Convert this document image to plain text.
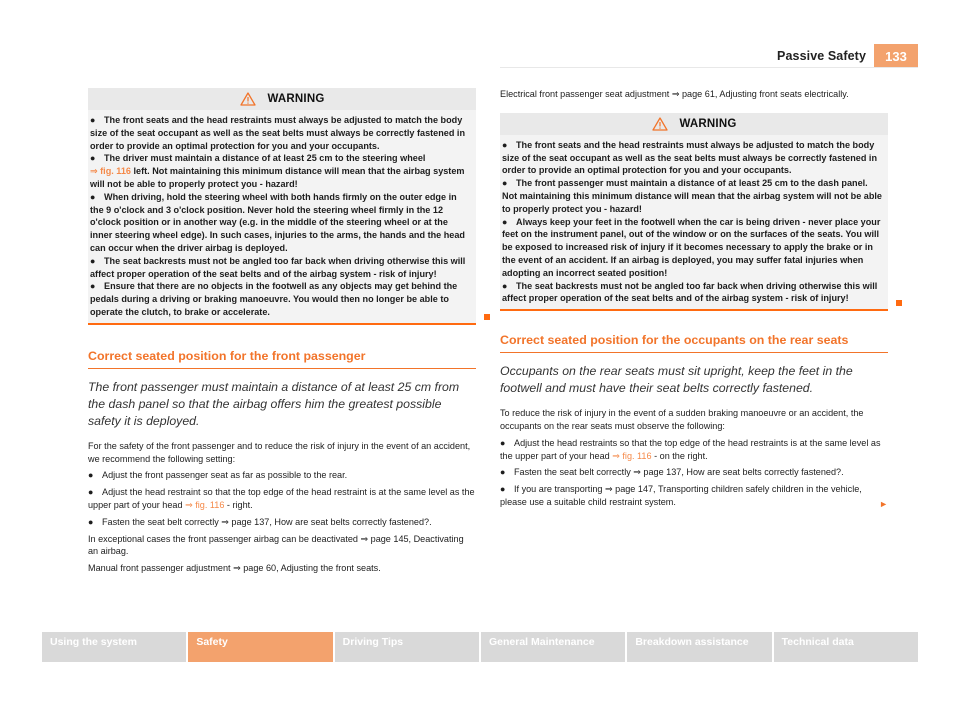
Passive Safety	133
WARNING

● The front seats and the head restraints must always be adjusted to match the body size of the seat occupant as well as the seat belts must always be correctly fastened in order to provide an optimal protection for you and your occupants.

● The driver must maintain a distance of at least 25 cm to the steering wheel
⇒ fig. 116 left. Not maintaining this minimum distance will mean that the airbag system will not be able to properly protect you - hazard!

● When driving, hold the steering wheel with both hands firmly on the outer edge in the 9 o'clock and 3 o'clock position. Never hold the steering wheel firmly in the 12 o'clock position or in another way (e.g. in the middle of the steering wheel or at the inner steering wheel edge). In such cases, injuries to the arms, the hands and the head can occur when the driver airbag is deployed.

● The seat backrests must not be angled too far back when driving otherwise this will affect proper operation of the seat belts and of the airbag system - risk of injury!

● Ensure that there are no objects in the footwell as any objects may get behind the pedals during a driving or braking manoeuvre. You would then no longer be able to operate the clutch, to brake or accelerate.

Correct seated position for the front passenger
The front passenger must maintain a distance of at least 25 cm from the dash panel so that the airbag offers him the greatest possible safety it is deployed.

For the safety of the front passenger and to reduce the risk of injury in the event of an accident, we recommend the following setting:

● Adjust the front passenger seat as far as possible to the rear.

● Adjust the head restraint so that the top edge of the head restraint is at the same level as the upper part of your head ⇒ fig. 116 - right.

● Fasten the seat belt correctly ⇒ page 137, How are seat belts correctly fastened?.

In exceptional cases the front passenger airbag can be deactivated ⇒ page 145, Deactivating an airbag.

Manual front passenger adjustment ⇒ page 60, Adjusting the front seats.

Electrical front passenger seat adjustment ⇒ page 61, Adjusting front seats electrically.

WARNING

● The front seats and the head restraints must always be adjusted to match the body size of the seat occupant as well as the seat belts must always be correctly fastened in order to provide an optimal protection for you and your occupants.

● The front passenger must maintain a distance of at least 25 cm to the dash panel. Not maintaining this minimum distance will mean that the airbag system will not be able to properly protect you - hazard!

● Always keep your feet in the footwell when the car is being driven - never place your feet on the instrument panel, out of the window or on the surfaces of the seats. You will be exposed to increased risk of injury if it becomes necessary to apply the brake or in the event of an accident. If an airbag is deployed, you may suffer fatal injuries when adopting an incorrect seated position!

● The seat backrests must not be angled too far back when driving otherwise this will affect proper operation of the seat belts and of the airbag system - risk of injury!

Correct seated position for the occupants on the rear seats
Occupants on the rear seats must sit upright, keep the feet in the footwell and must have their seat belts correctly fastened.

To reduce the risk of injury in the event of a sudden braking manoeuvre or an accident, the occupants on the rear seats must observe the following:

● Adjust the head restraints so that the top edge of the head restraints is at the same level as the upper part of your head ⇒ fig. 116 - on the right.

● Fasten the seat belt correctly ⇒ page 137, How are seat belts correctly fastened?.

● If you are transporting ⇒ page 147, Transporting children safely children in the vehicle, please use a suitable child restraint system.	►

Using the system	Safety	Driving Tips	General Maintenance	Breakdown assistance	Technical data
